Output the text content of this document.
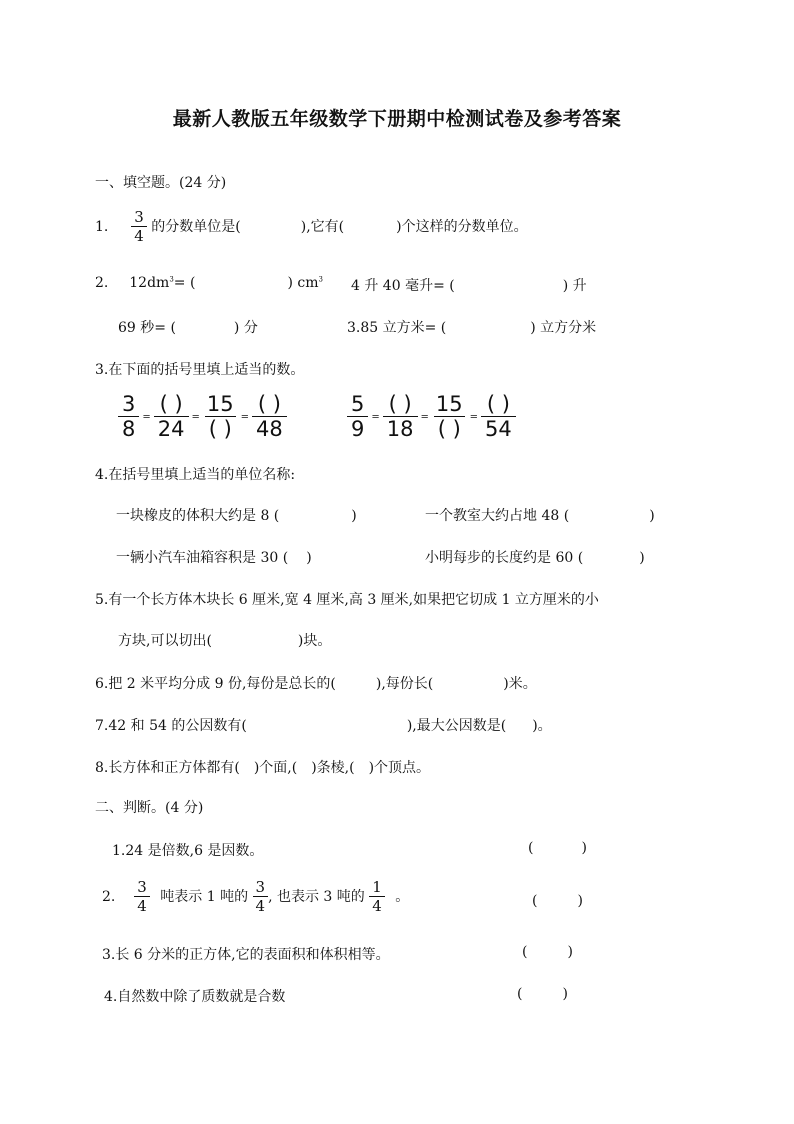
最新人教版五年级数学下册期中检测试卷及参考答案
一、填空题。(24 分)
1. $\frac{3}{4}$ 的分数单位是(	),它有(	)个这样的分数单位。
2. $12dm^3=$ (	) $cm^3$ 4 升 40 毫升= (	) 升
69 秒= (	) 分	3.85 立方米= (	) 立方分米
3.在下面的括号里填上适当的数。
$\frac{3}{8} = \frac{( )}{24} = \frac{15}{( )} = \frac{( )}{48}$	$\frac{5}{9} = \frac{( )}{18} = \frac{15}{( )} = \frac{( )}{54}$
4.在括号里填上适当的单位名称:
一块橡皮的体积大约是 8 (	)	一个教室大约占地 48 (	)
一辆小汽车油箱容积是 30 ( )	小明每步的长度约是 60 (	)
5.有一个长方体木块长 6 厘米,宽 4 厘米,高 3 厘米,如果把它切成 1 立方厘米的小
方块,可以切出(	)块。
6.把 2 米平均分成 9 份,每份是总长的(	),每份长(	)米。
7.42 和 54 的公因数有(	),最大公因数是( )。
8.长方体和正方体都有( )个面,( )条棱,( )个顶点。
二、判断。(4 分)
1.24 是倍数,6 是因数。	(	)
2. $\frac{3}{4}$ 吨表示 1 吨的 $\frac{3}{4}$ , 也表示 3 吨的 $\frac{1}{4}$ 。	(	)
3.长 6 分米的正方体,它的表面积和体积相等。	(	)
4.自然数中除了质数就是合数	(	)
